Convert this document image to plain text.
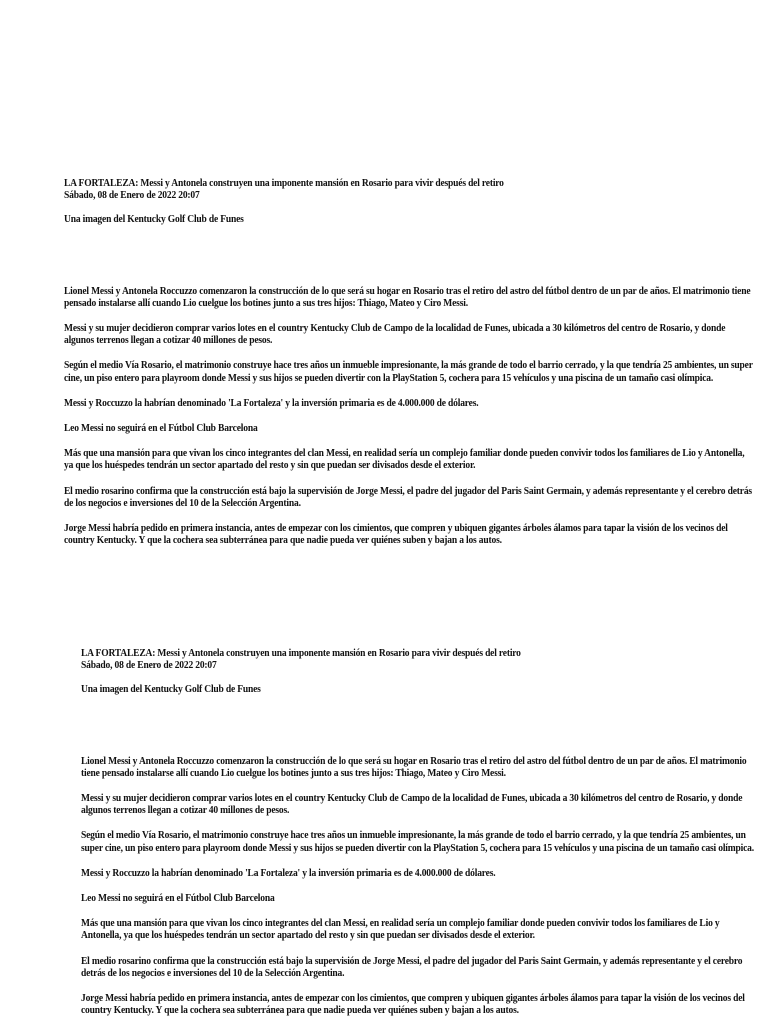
LA FORTALEZA: Messi y Antonela construyen una imponente mansión en Rosario para vivir después del retiro

Sábado, 08 de Enero de 2022 20:07

Una imagen del Kentucky Golf Club de Funes

Lionel Messi y Antonela Roccuzzo comenzaron la construcción de lo que será su hogar en Rosario tras el retiro del astro del fútbol dentro de un par de años. El matrimonio tiene pensado instalarse allí cuando Lio cuelgue los botines junto a sus tres hijos: Thiago, Mateo y Ciro Messi.

Messi y su mujer decidieron comprar varios lotes en el country Kentucky Club de Campo de la localidad de Funes, ubicada a 30 kilómetros del centro de Rosario, y donde algunos terrenos llegan a cotizar 40 millones de pesos.

Según el medio Vía Rosario, el matrimonio construye hace tres años un inmueble impresionante, la más grande de todo el barrio cerrado, y la que tendría 25 ambientes, un super cine, un piso entero para playroom donde Messi y sus hijos se pueden divertir con la PlayStation 5, cochera para 15 vehículos y una piscina de un tamaño casi olímpica.

Messi y Roccuzzo la habrían denominado 'La Fortaleza' y la inversión primaria es de 4.000.000 de dólares.

Leo Messi no seguirá en el Fútbol Club Barcelona

Más que una mansión para que vivan los cinco integrantes del clan Messi, en realidad sería un complejo familiar donde pueden convivir todos los familiares de Lio y Antonella, ya que los huéspedes tendrán un sector apartado del resto y sin que puedan ser divisados desde el exterior.

El medio rosarino confirma que la construcción está bajo la supervisión de Jorge Messi, el padre del jugador del Paris Saint Germain, y además representante y el cerebro detrás de los negocios e inversiones del 10 de la Selección Argentina.

Jorge Messi habría pedido en primera instancia, antes de empezar con los cimientos, que compren y ubiquen gigantes árboles álamos para tapar la visión de los vecinos del country Kentucky. Y que la cochera sea subterránea para que nadie pueda ver quiénes suben y bajan a los autos.

LA FORTALEZA: Messi y Antonela construyen una imponente mansión en Rosario para vivir después del retiro

Sábado, 08 de Enero de 2022 20:07

Una imagen del Kentucky Golf Club de Funes

Lionel Messi y Antonela Roccuzzo comenzaron la construcción de lo que será su hogar en Rosario tras el retiro del astro del fútbol dentro de un par de años. El matrimonio tiene pensado instalarse allí cuando Lio cuelgue los botines junto a sus tres hijos: Thiago, Mateo y Ciro Messi.

Messi y su mujer decidieron comprar varios lotes en el country Kentucky Club de Campo de la localidad de Funes, ubicada a 30 kilómetros del centro de Rosario, y donde algunos terrenos llegan a cotizar 40 millones de pesos.

Según el medio Vía Rosario, el matrimonio construye hace tres años un inmueble impresionante, la más grande de todo el barrio cerrado, y la que tendría 25 ambientes, un super cine, un piso entero para playroom donde Messi y sus hijos se pueden divertir con la PlayStation 5, cochera para 15 vehículos y una piscina de un tamaño casi olímpica.

Messi y Roccuzzo la habrían denominado 'La Fortaleza' y la inversión primaria es de 4.000.000 de dólares.

Leo Messi no seguirá en el Fútbol Club Barcelona

Más que una mansión para que vivan los cinco integrantes del clan Messi, en realidad sería un complejo familiar donde pueden convivir todos los familiares de Lio y Antonella, ya que los huéspedes tendrán un sector apartado del resto y sin que puedan ser divisados desde el exterior.

El medio rosarino confirma que la construcción está bajo la supervisión de Jorge Messi, el padre del jugador del Paris Saint Germain, y además representante y el cerebro detrás de los negocios e inversiones del 10 de la Selección Argentina.

Jorge Messi habría pedido en primera instancia, antes de empezar con los cimientos, que compren y ubiquen gigantes árboles álamos para tapar la visión de los vecinos del country Kentucky. Y que la cochera sea subterránea para que nadie pueda ver quiénes suben y bajan a los autos.
